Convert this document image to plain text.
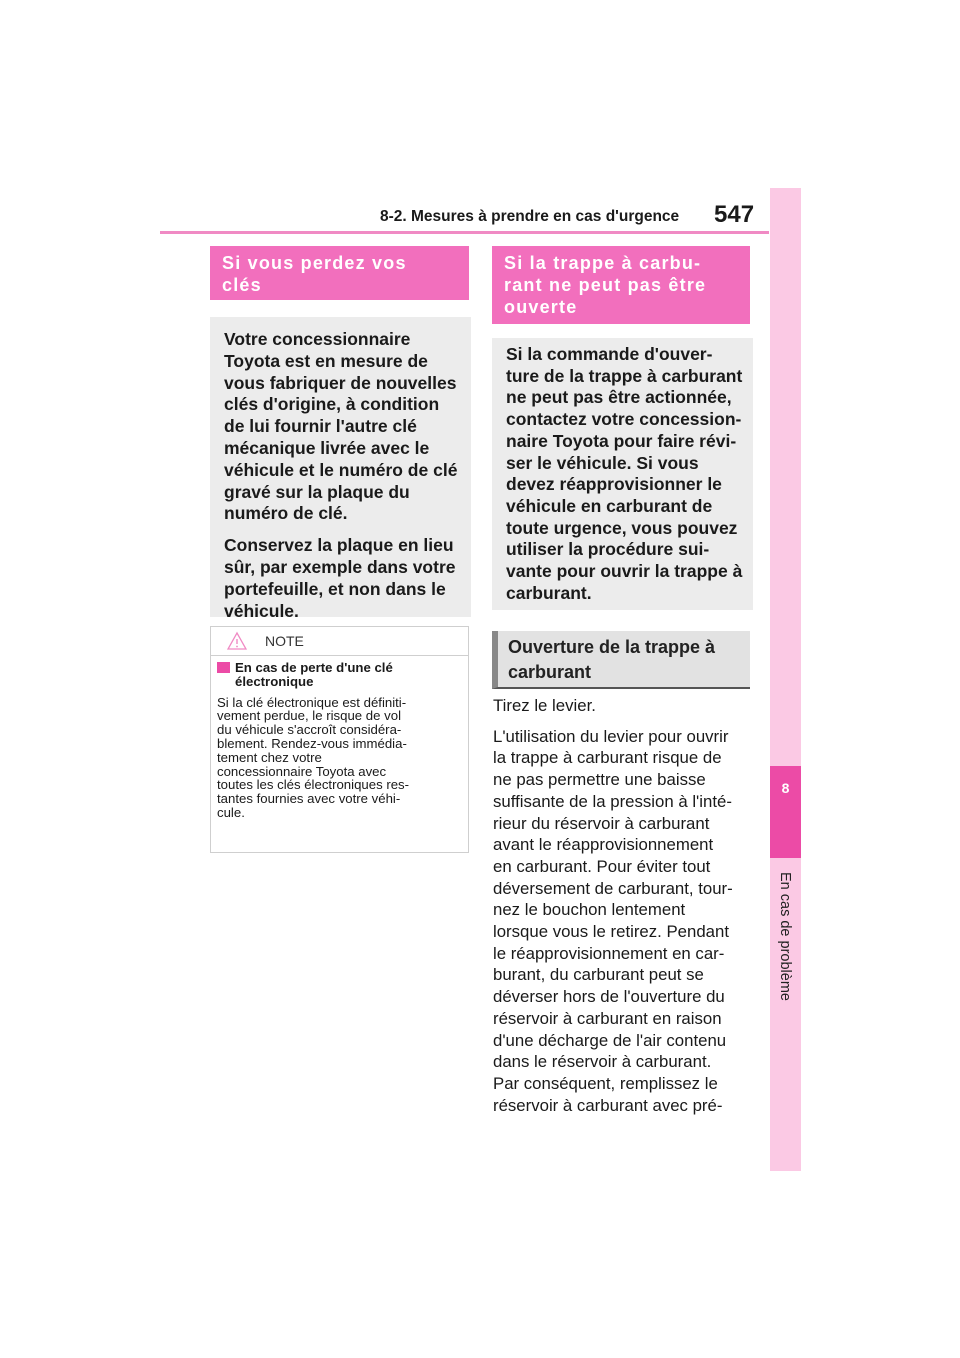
8-2. Mesures à prendre en cas d'urgence 547
8
En cas de problème
Si vous perdez vos
clés

Votre concessionnaire
Toyota est en mesure de
vous fabriquer de nouvelles
clés d'origine, à condition
de lui fournir l'autre clé
mécanique livrée avec le
véhicule et le numéro de clé
gravé sur la plaque du
numéro de clé.

Conservez la plaque en lieu
sûr, par exemple dans votre
portefeuille, et non dans le
véhicule.

NOTE
En cas de perte d'une clé
électronique
Si la clé électronique est définiti-
vement perdue, le risque de vol
du véhicule s'accroît considéra-
blement. Rendez-vous immédia-
tement chez votre
concessionnaire Toyota avec
toutes les clés électroniques res-
tantes fournies avec votre véhi-
cule.
Si la trappe à carbu-
rant ne peut pas être
ouverte
Si la commande d'ouver-
ture de la trappe à carburant
ne peut pas être actionnée,
contactez votre concession-
naire Toyota pour faire révi-
ser le véhicule. Si vous
devez réapprovisionner le
véhicule en carburant de
toute urgence, vous pouvez
utiliser la procédure sui-
vante pour ouvrir la trappe à
carburant.
Ouverture de la trappe à
carburant

Tirez le levier.

L'utilisation du levier pour ouvrir
la trappe à carburant risque de
ne pas permettre une baisse
suffisante de la pression à l'inté-
rieur du réservoir à carburant
avant le réapprovisionnement
en carburant. Pour éviter tout
déversement de carburant, tour-
nez le bouchon lentement
lorsque vous le retirez. Pendant
le réapprovisionnement en car-
burant, du carburant peut se
déverser hors de l'ouverture du
réservoir à carburant en raison
d'une décharge de l'air contenu
dans le réservoir à carburant.
Par conséquent, remplissez le
réservoir à carburant avec pré-
